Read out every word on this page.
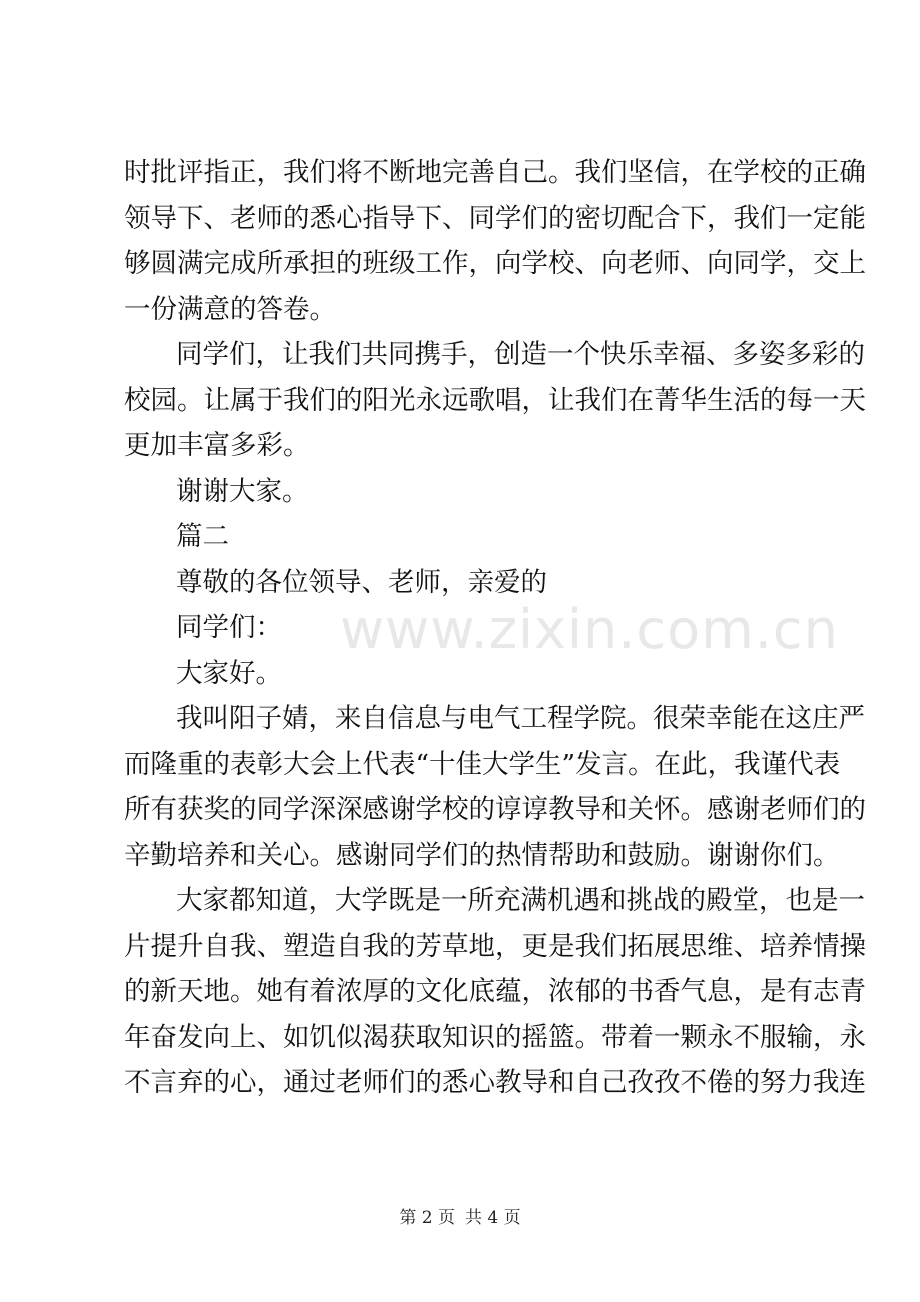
时批评指正，我们将不断地完善自己。我们坚信，在学校的正确
领导下、老师的悉心指导下、同学们的密切配合下，我们一定能
够圆满完成所承担的班级工作，向学校、向老师、向同学，交上
一份满意的答卷。
同学们，让我们共同携手，创造一个快乐幸福、多姿多彩的
校园。让属于我们的阳光永远歌唱，让我们在菁华生活的每一天
更加丰富多彩。
谢谢大家。
篇二
尊敬的各位领导、老师，亲爱的
同学们：
大家好。
我叫阳子婧，来自信息与电气工程学院。很荣幸能在这庄严
而隆重的表彰大会上代表“十佳大学生”发言。在此，我谨代表
所有获奖的同学深深感谢学校的谆谆教导和关怀。感谢老师们的
辛勤培养和关心。感谢同学们的热情帮助和鼓励。谢谢你们。
大家都知道，大学既是一所充满机遇和挑战的殿堂，也是一
片提升自我、塑造自我的芳草地，更是我们拓展思维、培养情操
的新天地。她有着浓厚的文化底蕴，浓郁的书香气息，是有志青
年奋发向上、如饥似渴获取知识的摇篮。带着一颗永不服输，永
不言弃的心，通过老师们的悉心教导和自己孜孜不倦的努力我连
www.zixin.com.cn
第 2 页 共 4 页
